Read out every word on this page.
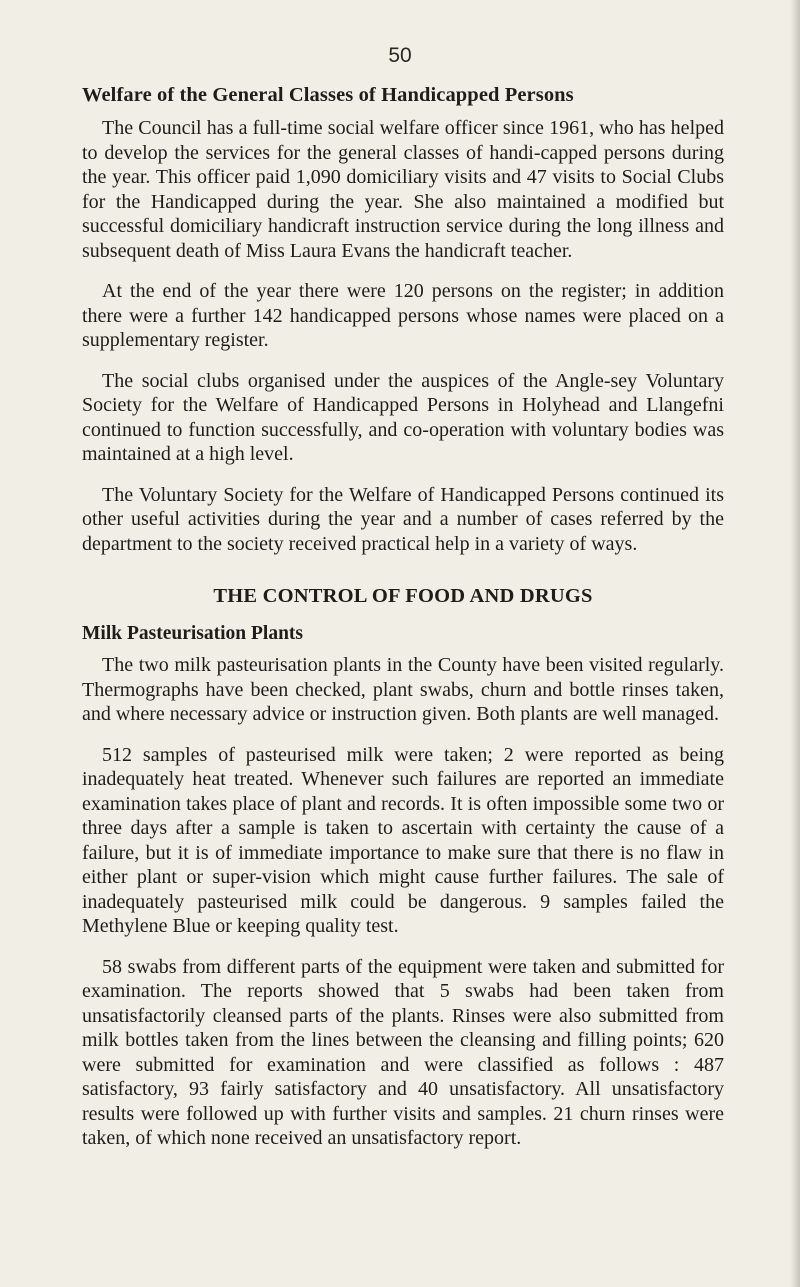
50
Welfare of the General Classes of Handicapped Persons

The Council has a full-time social welfare officer since 1961, who has helped to develop the services for the general classes of handi-capped persons during the year. This officer paid 1,090 domiciliary visits and 47 visits to Social Clubs for the Handicapped during the year. She also maintained a modified but successful domiciliary handicraft instruction service during the long illness and subsequent death of Miss Laura Evans the handicraft teacher.

At the end of the year there were 120 persons on the register; in addition there were a further 142 handicapped persons whose names were placed on a supplementary register.

The social clubs organised under the auspices of the Angle-sey Voluntary Society for the Welfare of Handicapped Persons in Holyhead and Llangefni continued to function successfully, and co-operation with voluntary bodies was maintained at a high level.

The Voluntary Society for the Welfare of Handicapped Persons continued its other useful activities during the year and a number of cases referred by the department to the society received practical help in a variety of ways.

THE CONTROL OF FOOD AND DRUGS
Milk Pasteurisation Plants

The two milk pasteurisation plants in the County have been visited regularly. Thermographs have been checked, plant swabs, churn and bottle rinses taken, and where necessary advice or instruction given. Both plants are well managed.

512 samples of pasteurised milk were taken; 2 were reported as being inadequately heat treated. Whenever such failures are reported an immediate examination takes place of plant and records. It is often impossible some two or three days after a sample is taken to ascertain with certainty the cause of a failure, but it is of immediate importance to make sure that there is no flaw in either plant or super-vision which might cause further failures. The sale of inadequately pasteurised milk could be dangerous. 9 samples failed the Methylene Blue or keeping quality test.

58 swabs from different parts of the equipment were taken and submitted for examination. The reports showed that 5 swabs had been taken from unsatisfactorily cleansed parts of the plants. Rinses were also submitted from milk bottles taken from the lines between the cleansing and filling points; 620 were submitted for examination and were classified as follows : 487 satisfactory, 93 fairly satisfactory and 40 unsatisfactory. All unsatisfactory results were followed up with further visits and samples. 21 churn rinses were taken, of which none received an unsatisfactory report.
